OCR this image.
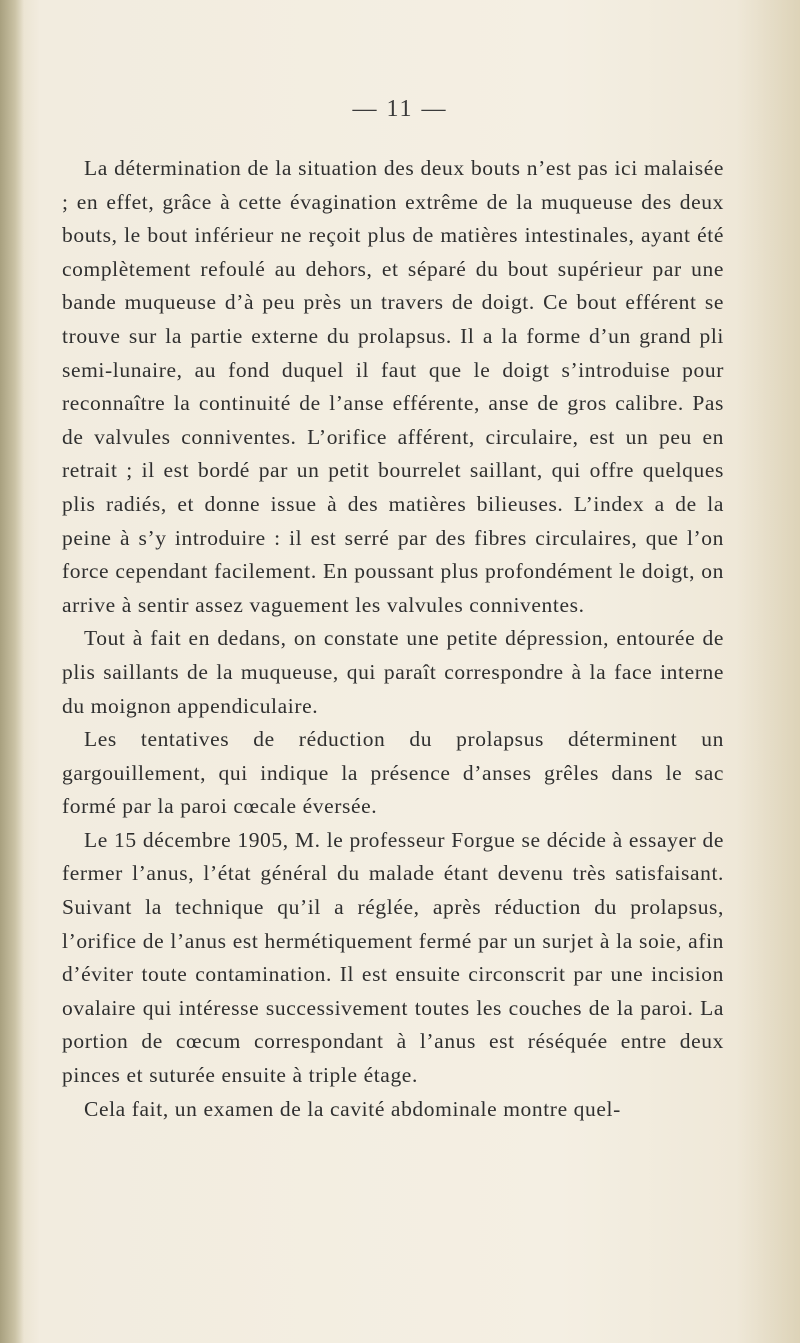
— 11 —

La détermination de la situation des deux bouts n’est pas ici malaisée ; en effet, grâce à cette évagination extrême de la muqueuse des deux bouts, le bout inférieur ne reçoit plus de matières intestinales, ayant été complètement refoulé au dehors, et séparé du bout supérieur par une bande muqueuse d’à peu près un travers de doigt. Ce bout efférent se trouve sur la partie externe du prolapsus. Il a la forme d’un grand pli semi-lunaire, au fond duquel il faut que le doigt s’introduise pour reconnaître la continuité de l’anse efférente, anse de gros calibre. Pas de valvules conniventes. L’orifice afférent, circulaire, est un peu en retrait ; il est bordé par un petit bourrelet saillant, qui offre quelques plis radiés, et donne issue à des matières bilieuses. L’index a de la peine à s’y introduire : il est serré par des fibres circulaires, que l’on force cependant facilement. En poussant plus profondément le doigt, on arrive à sentir assez vaguement les valvules conniventes.

Tout à fait en dedans, on constate une petite dépression, entourée de plis saillants de la muqueuse, qui paraît correspondre à la face interne du moignon appendiculaire.

Les tentatives de réduction du prolapsus déterminent un gargouillement, qui indique la présence d’anses grêles dans le sac formé par la paroi cœcale éversée.

Le 15 décembre 1905, M. le professeur Forgue se décide à essayer de fermer l’anus, l’état général du malade étant devenu très satisfaisant. Suivant la technique qu’il a réglée, après réduction du prolapsus, l’orifice de l’anus est hermétiquement fermé par un surjet à la soie, afin d’éviter toute contamination. Il est ensuite circonscrit par une incision ovalaire qui intéresse successivement toutes les couches de la paroi. La portion de cœcum correspondant à l’anus est réséquée entre deux pinces et suturée ensuite à triple étage.

Cela fait, un examen de la cavité abdominale montre quel-
